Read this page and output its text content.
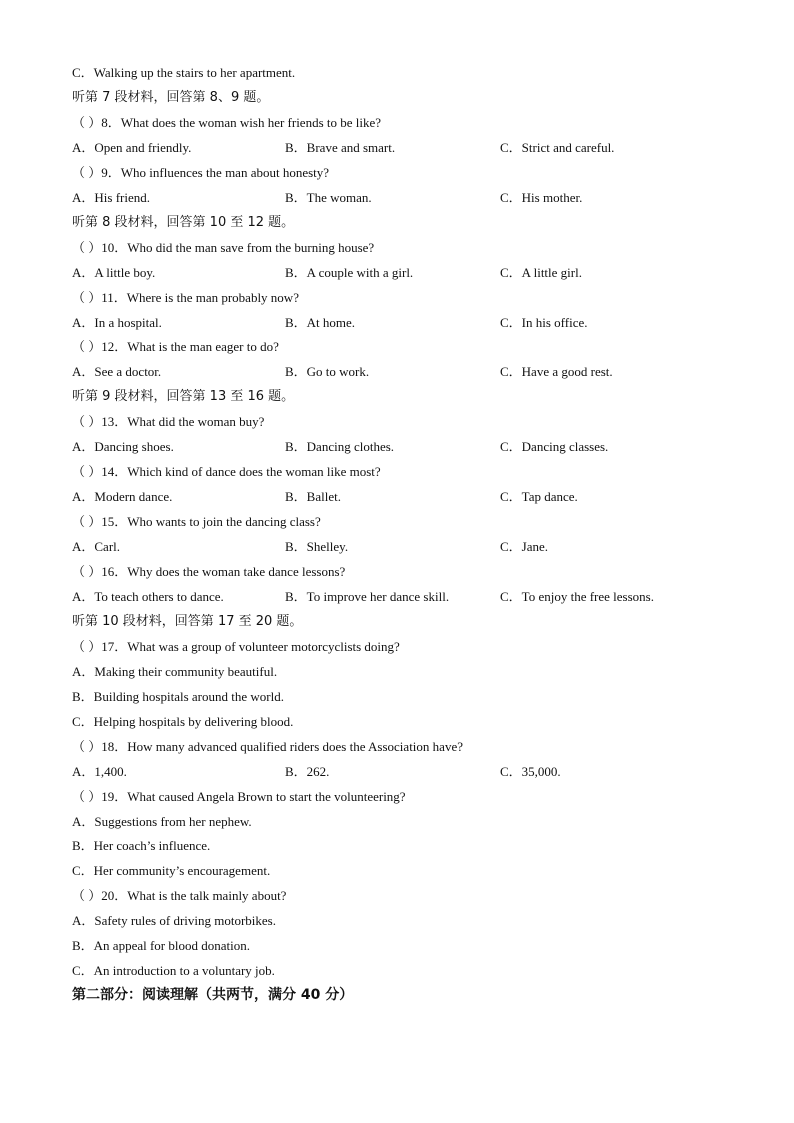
C．Walking up the stairs to her apartment.
听第 7 段材料，回答第 8、9 题。
（ ）8．What does the woman wish her friends to be like?
A．Open and friendly.	B．Brave and smart.	C．Strict and careful.
（ ）9．Who influences the man about honesty?
A．His friend.	B．The woman.	C．His mother.
听第 8 段材料，回答第 10 至 12 题。
（ ）10．Who did the man save from the burning house?
A．A little boy.	B．A couple with a girl.	C．A little girl.
（ ）11．Where is the man probably now?
A．In a hospital.	B．At home.	C．In his office.
（ ）12．What is the man eager to do?
A．See a doctor.	B．Go to work.	C．Have a good rest.
听第 9 段材料，回答第 13 至 16 题。
（ ）13．What did the woman buy?
A．Dancing shoes.	B．Dancing clothes.	C．Dancing classes.
（ ）14．Which kind of dance does the woman like most?
A．Modern dance.	B．Ballet.	C．Tap dance.
（ ）15．Who wants to join the dancing class?
A．Carl.	B．Shelley.	C．Jane.
（ ）16．Why does the woman take dance lessons?
A．To teach others to dance.	B．To improve her dance skill.	C．To enjoy the free lessons.
听第 10 段材料，回答第 17 至 20 题。
（ ）17．What was a group of volunteer motorcyclists doing?
A．Making their community beautiful.
B．Building hospitals around the world.
C．Helping hospitals by delivering blood.
（ ）18．How many advanced qualified riders does the Association have?
A．1,400.	B．262.	C．35,000.
（ ）19．What caused Angela Brown to start the volunteering?
A．Suggestions from her nephew.
B．Her coach’s influence.
C．Her community’s encouragement.
（ ）20．What is the talk mainly about?
A．Safety rules of driving motorbikes.
B．An appeal for blood donation.
C．An introduction to a voluntary job.
第二部分：阅读理解（共两节，满分 40 分）
